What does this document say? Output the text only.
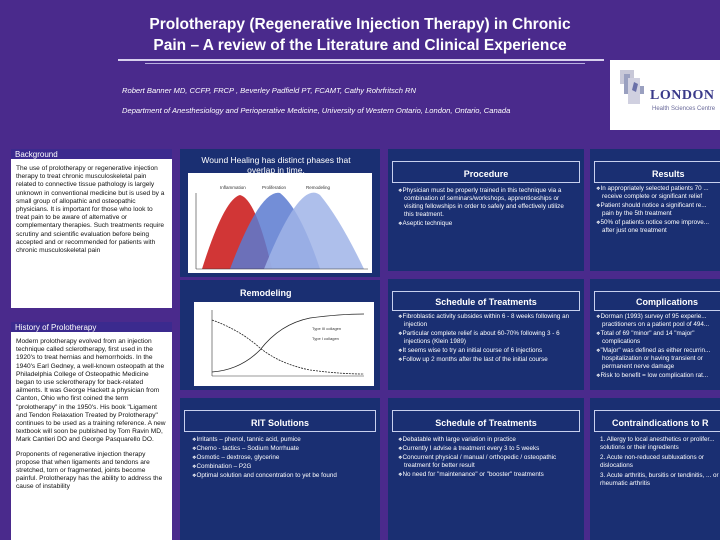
Prolotherapy (Regenerative Injection Therapy) in Chronic
Pain – A review of the Literature and Clinical Experience
Robert Banner MD, CCFP, FRCP , Beverley Padfield PT, FCAMT, Cathy Rohrfritsch RN
Department of Anesthesiology and Perioperative Medicine, University of Western Ontario, London, Ontario, Canada
LONDON
Health Sciences Centre
Background
The use of prolotherapy or regenerative injection therapy to treat chronic musculoskeletal pain related to connective tissue pathology is largely unknown in conventional medicine but is used by a small group of allopathic and osteopathic physicians. It is important for those who look to treat pain to be aware of alternative or complementary therapies. Such treatments require scrutiny and scientific evaluation before being accepted and or recommended for patients with chronic musculoskeletal pain
History of Prolotherapy
Modern prolotherapy evolved from an injection technique called sclerotherapy, first used in the 1920's to treat hernias and hemorrhoids. In the 1940's Earl Gedney, a well-known osteopath at the Philadelphia College of Osteopathic Medicine began to use sclerotherapy for back-related ailments. It was George Hackett a physician from Canton, Ohio who first coined the term "prolotherapy" in the 1950's. His book "Ligament and Tendon Relaxation Treated by Prolotherapy" continues to be used as a training reference. A new textbook will soon be published by Tom Ravin MD, Mark Cantieri DO and George Pasquarello DO.
Proponents of regenerative injection therapy propose that when ligaments and tendons are stretched, torn or fragmented, joints become painful. Prolotherapy has the ability to address the cause of instability
Inflammation	Proliferation	Remodeling
Wound Healing has distinct phases that overlap in time.
Type III collagen
Type I collagen
Remodeling
Procedure
❖ Physician must be properly trained in this technique via a combination of seminars/workshops, apprenticeships or visiting fellowships in order to safely and effectively utilize this treatment.
❖ Aseptic technique
Results
❖ In appropriately selected patients 70 ... receive complete or significant relief
❖ Patient should notice a significant re... pain by the 5th treatment
❖ 50% of patients notice some improve... after just one treatment
Schedule of Treatments
❖ Fibroblastic activity subsides within 6 - 8 weeks following an injection
❖ Particular complete relief is about 60-70% following 3 - 6 injections (Klein 1989)
❖ It seems wise to try an initial course of 6 injections
❖ Follow up 2 months after the last of the initial course
Complications
❖ Dorman (1993) survey of 95 experie... practitioners on a patient pool of 494...
❖ Total of 69 "minor" and 14 "major" complications
❖ "Major" was defined as either recurrin... hospitalization or having transient or permanent nerve damage
❖ Risk to benefit = low complication rat...
RIT Solutions
❖ Irritants – phenol, tannic acid, pumice
❖ Chemo - tactics – Sodium Morrhuate
❖ Osmotic – dextrose, glycerine
❖ Combination – P2G
❖ Optimal solution and concentration to yet be found
Schedule of Treatments
❖ Debatable with large variation in practice
❖ Currently I advise a treatment every 3 to 5 weeks
❖ Concurrent physical / manual / orthopedic / osteopathic treatment for better result
❖ No need for "maintenance" or "booster" treatments
Contraindications to R
1. Allergy to local anesthetics or prolifer... solutions or their ingredients
2. Acute non-reduced subluxations or dislocations
3. Acute arthritis, bursitis or tendinitis, ... or rheumatic arthritis
